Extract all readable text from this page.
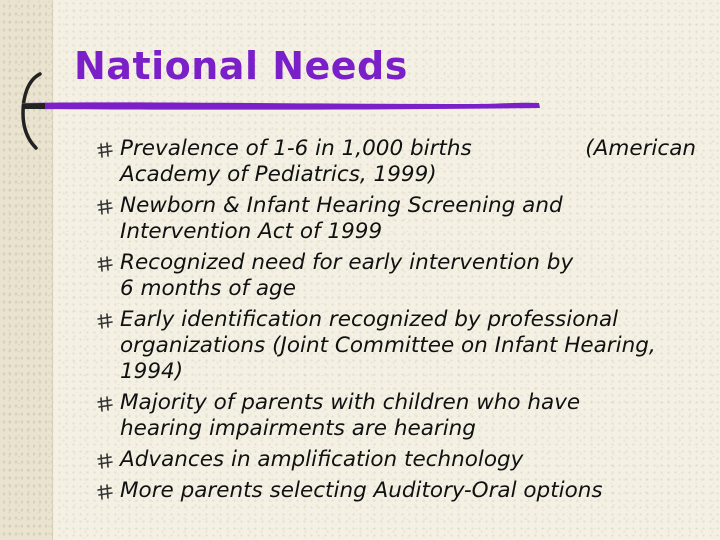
National Needs
Prevalence of 1-6 in 1,000 births	(American
Academy of Pediatrics, 1999)
Newborn & Infant Hearing Screening and Intervention Act of 1999
Recognized need for early intervention by 6 months of age
Early identification recognized by professional organizations (Joint Committee on Infant Hearing, 1994)
Majority of parents with children who have hearing impairments are hearing
Advances in amplification technology
More parents selecting Auditory-Oral options
